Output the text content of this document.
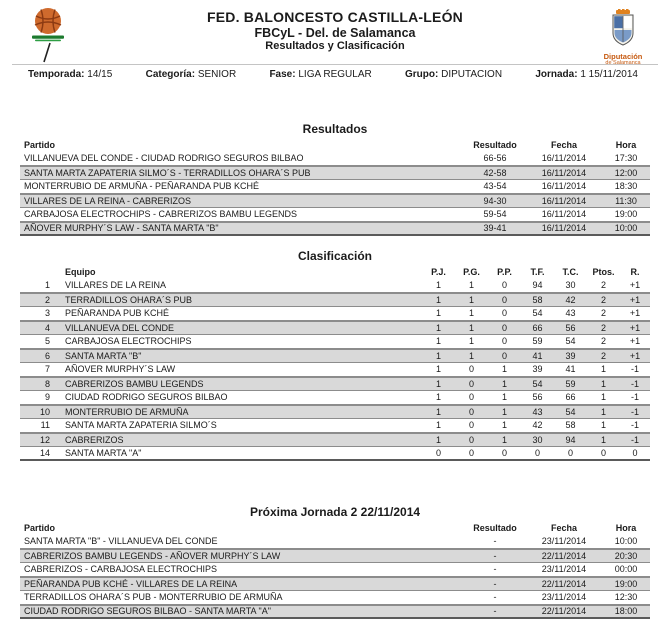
FED. BALONCESTO CASTILLA-LEÓN
FBCyL - Del. de Salamanca
Resultados y Clasificación
Diputación
de Salamanca
Temporada: 14/15	Categoría: SENIOR	Fase: LIGA REGULAR	Grupo: DIPUTACION	Jornada: 1 15/11/2014
Resultados
Partido	Resultado	Fecha	Hora
VILLANUEVA DEL CONDE - CIUDAD RODRIGO SEGUROS BILBAO	66-56	16/11/2014	17:30
SANTA MARTA ZAPATERIA SILMO´S - TERRADILLOS OHARA´S PUB	42-58	16/11/2014	12:00
MONTERRUBIO DE ARMUÑA - PEÑARANDA PUB KCHÉ	43-54	16/11/2014	18:30
VILLARES DE LA REINA - CABRERIZOS	94-30	16/11/2014	11:30
CARBAJOSA ELECTROCHIPS - CABRERIZOS BAMBU LEGENDS	59-54	16/11/2014	19:00
AÑOVER MURPHY´S LAW - SANTA MARTA "B"	39-41	16/11/2014	10:00
Clasificación
Equipo	P.J.	P.G.	P.P.	T.F.	T.C.	Ptos.	R.
1	VILLARES DE LA REINA	1	1	0	94	30	2	+1
2	TERRADILLOS OHARA´S PUB	1	1	0	58	42	2	+1
3	PEÑARANDA PUB KCHÉ	1	1	0	54	43	2	+1
4	VILLANUEVA DEL CONDE	1	1	0	66	56	2	+1
5	CARBAJOSA ELECTROCHIPS	1	1	0	59	54	2	+1
6	SANTA MARTA "B"	1	1	0	41	39	2	+1
7	AÑOVER MURPHY´S LAW	1	0	1	39	41	1	-1
8	CABRERIZOS BAMBU LEGENDS	1	0	1	54	59	1	-1
9	CIUDAD RODRIGO SEGUROS BILBAO	1	0	1	56	66	1	-1
10	MONTERRUBIO DE ARMUÑA	1	0	1	43	54	1	-1
11	SANTA MARTA ZAPATERIA SILMO´S	1	0	1	42	58	1	-1
12	CABRERIZOS	1	0	1	30	94	1	-1
14	SANTA MARTA "A"	0	0	0	0	0	0	0
Próxima Jornada 2 22/11/2014
Partido	Resultado	Fecha	Hora
SANTA MARTA "B" - VILLANUEVA DEL CONDE	-	23/11/2014	10:00
CABRERIZOS BAMBU LEGENDS - AÑOVER MURPHY´S LAW	-	22/11/2014	20:30
CABRERIZOS - CARBAJOSA ELECTROCHIPS	-	23/11/2014	00:00
PEÑARANDA PUB KCHÉ - VILLARES DE LA REINA	-	22/11/2014	19:00
TERRADILLOS OHARA´S PUB - MONTERRUBIO DE ARMUÑA	-	23/11/2014	12:30
CIUDAD RODRIGO SEGUROS BILBAO - SANTA MARTA "A"	-	22/11/2014	18:00
